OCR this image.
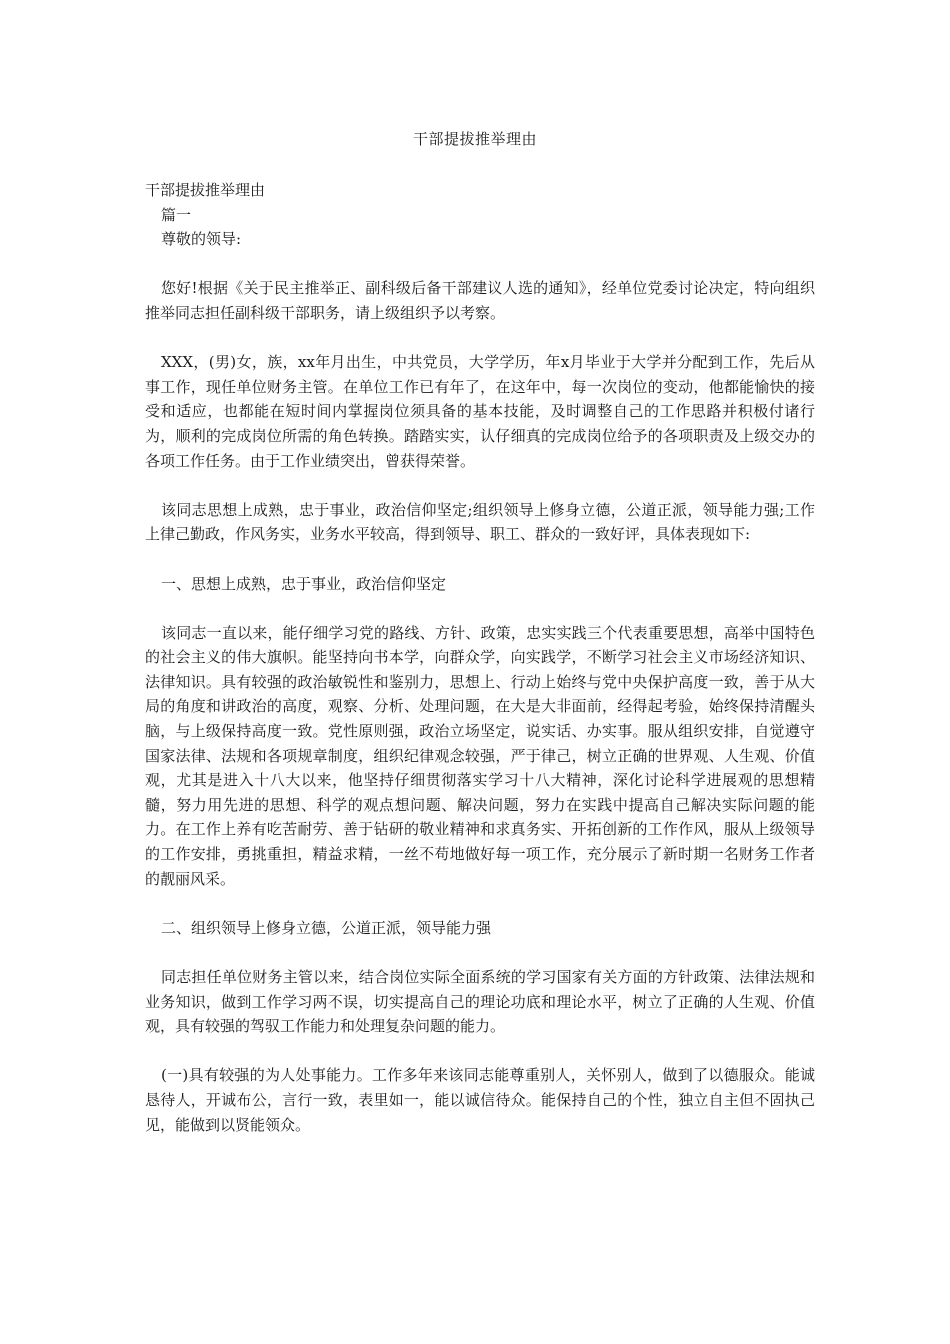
干部提拔推举理由

干部提拔推举理由

篇一

尊敬的领导:

您好!根据《关于民主推举正、副科级后备干部建议人选的通知》，经单位党委讨论决定，特向组织推举同志担任副科级干部职务，请上级组织予以考察。

XXX，(男)女，族，xx年月出生，中共党员，大学学历，年x月毕业于大学并分配到工作，先后从事工作，现任单位财务主管。在单位工作已有年了，在这年中，每一次岗位的变动，他都能愉快的接受和适应，也都能在短时间内掌握岗位须具备的基本技能，及时调整自己的工作思路并积极付诸行为，顺利的完成岗位所需的角色转换。踏踏实实，认仔细真的完成岗位给予的各项职责及上级交办的各项工作任务。由于工作业绩突出，曾获得荣誉。

该同志思想上成熟，忠于事业，政治信仰坚定;组织领导上修身立德，公道正派，领导能力强;工作上律己勤政，作风务实，业务水平较高，得到领导、职工、群众的一致好评，具体表现如下:

一、思想上成熟，忠于事业，政治信仰坚定

该同志一直以来，能仔细学习党的路线、方针、政策，忠实实践三个代表重要思想，高举中国特色的社会主义的伟大旗帜。能坚持向书本学，向群众学，向实践学，不断学习社会主义市场经济知识、法律知识。具有较强的政治敏锐性和鉴别力，思想上、行动上始终与党中央保护高度一致，善于从大局的角度和讲政治的高度，观察、分析、处理问题，在大是大非面前，经得起考验，始终保持清醒头脑，与上级保持高度一致。党性原则强，政治立场坚定，说实话、办实事。服从组织安排，自觉遵守国家法律、法规和各项规章制度，组织纪律观念较强，严于律己，树立正确的世界观、人生观、价值观，尤其是进入十八大以来，他坚持仔细贯彻落实学习十八大精神，深化讨论科学进展观的思想精髓，努力用先进的思想、科学的观点想问题、解决问题，努力在实践中提高自己解决实际问题的能力。在工作上养有吃苦耐劳、善于钻研的敬业精神和求真务实、开拓创新的工作作风，服从上级领导的工作安排，勇挑重担，精益求精，一丝不苟地做好每一项工作，充分展示了新时期一名财务工作者的靓丽风采。

二、组织领导上修身立德，公道正派，领导能力强

同志担任单位财务主管以来，结合岗位实际全面系统的学习国家有关方面的方针政策、法律法规和业务知识，做到工作学习两不误，切实提高自己的理论功底和理论水平，树立了正确的人生观、价值观，具有较强的驾驭工作能力和处理复杂问题的能力。

(一)具有较强的为人处事能力。工作多年来该同志能尊重别人，关怀别人，做到了以德服众。能诚恳待人，开诚布公，言行一致，表里如一，能以诚信待众。能保持自己的个性，独立自主但不固执己见，能做到以贤能领众。
